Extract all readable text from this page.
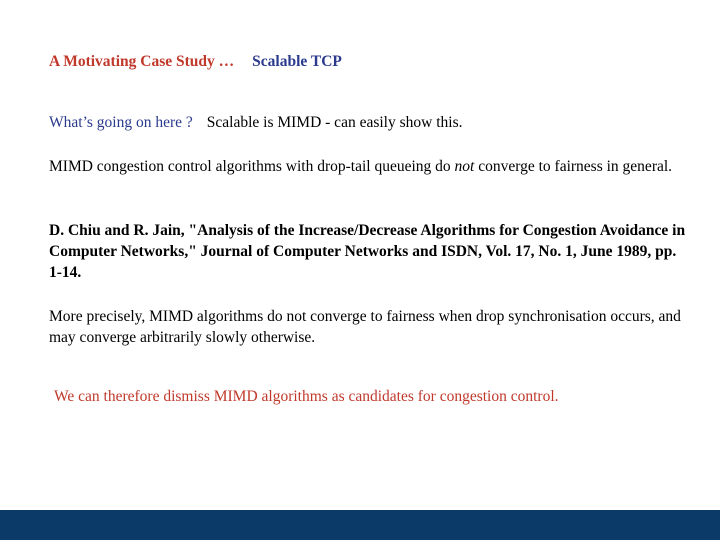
A Motivating Case Study … Scalable TCP
What’s going on here ? Scalable is MIMD - can easily show this.
MIMD congestion control algorithms with drop-tail queueing do not converge to fairness in general.
D. Chiu and R. Jain, "Analysis of the Increase/Decrease Algorithms for Congestion Avoidance in Computer Networks," Journal of Computer Networks and ISDN, Vol. 17, No. 1, June 1989, pp. 1-14.
More precisely, MIMD algorithms do not converge to fairness when drop synchronisation occurs, and may converge arbitrarily slowly otherwise.
We can therefore dismiss MIMD algorithms as candidates for congestion control.
